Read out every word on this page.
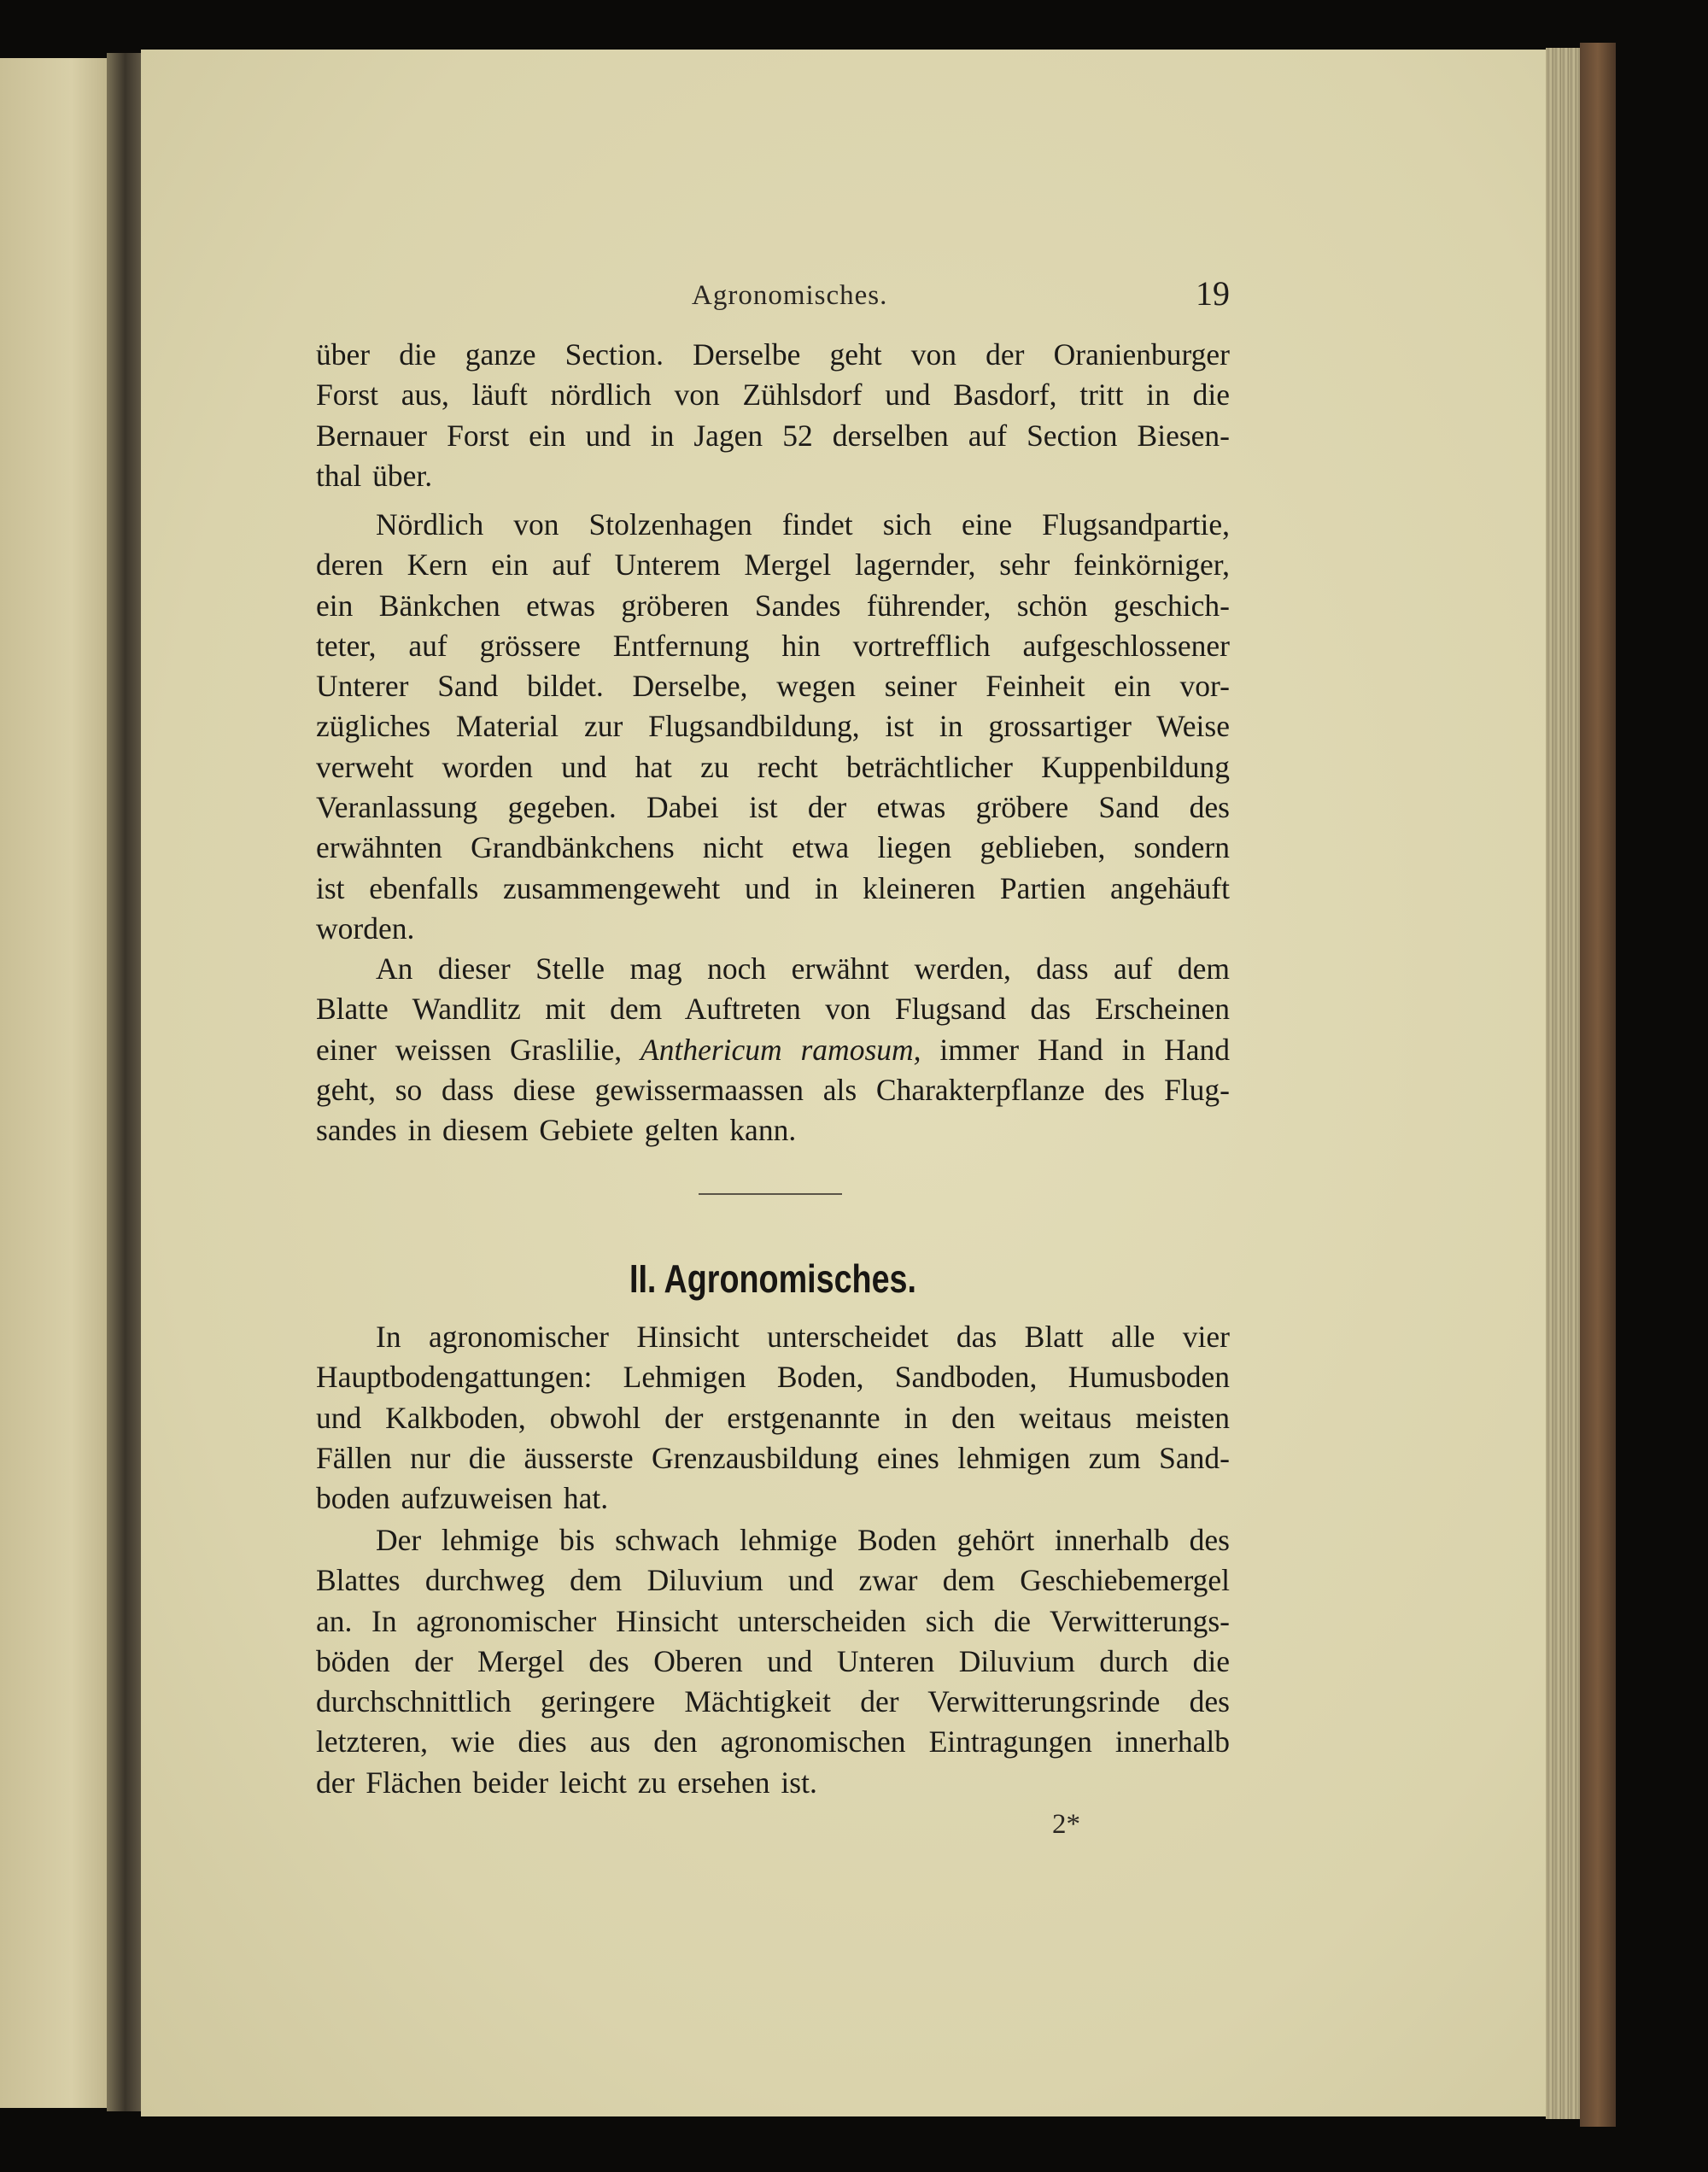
Agronomisches.	19
über die ganze Section. Derselbe geht von der Oranienburger
Forst aus, läuft nördlich von Zühlsdorf und Basdorf, tritt in die
Bernauer Forst ein und in Jagen 52 derselben auf Section Biesen-
thal über.
Nördlich von Stolzenhagen findet sich eine Flugsandpartie,
deren Kern ein auf Unterem Mergel lagernder, sehr feinkörniger,
ein Bänkchen etwas gröberen Sandes führender, schön geschich-
teter, auf grössere Entfernung hin vortrefflich aufgeschlossener
Unterer Sand bildet. Derselbe, wegen seiner Feinheit ein vor-
zügliches Material zur Flugsandbildung, ist in grossartiger Weise
verweht worden und hat zu recht beträchtlicher Kuppenbildung
Veranlassung gegeben. Dabei ist der etwas gröbere Sand des
erwähnten Grandbänkchens nicht etwa liegen geblieben, sondern
ist ebenfalls zusammengeweht und in kleineren Partien angehäuft
worden.
An dieser Stelle mag noch erwähnt werden, dass auf dem
Blatte Wandlitz mit dem Auftreten von Flugsand das Erscheinen
einer weissen Graslilie, Anthericum ramosum, immer Hand in Hand
geht, so dass diese gewissermaassen als Charakterpflanze des Flug-
sandes in diesem Gebiete gelten kann.
II. Agronomisches.
In agronomischer Hinsicht unterscheidet das Blatt alle vier
Hauptbodengattungen: Lehmigen Boden, Sandboden, Humusboden
und Kalkboden, obwohl der erstgenannte in den weitaus meisten
Fällen nur die äusserste Grenzausbildung eines lehmigen zum Sand-
boden aufzuweisen hat.
Der lehmige bis schwach lehmige Boden gehört innerhalb des
Blattes durchweg dem Diluvium und zwar dem Geschiebemergel
an. In agronomischer Hinsicht unterscheiden sich die Verwitterungs-
böden der Mergel des Oberen und Unteren Diluvium durch die
durchschnittlich geringere Mächtigkeit der Verwitterungsrinde des
letzteren, wie dies aus den agronomischen Eintragungen innerhalb
der Flächen beider leicht zu ersehen ist.
2*
